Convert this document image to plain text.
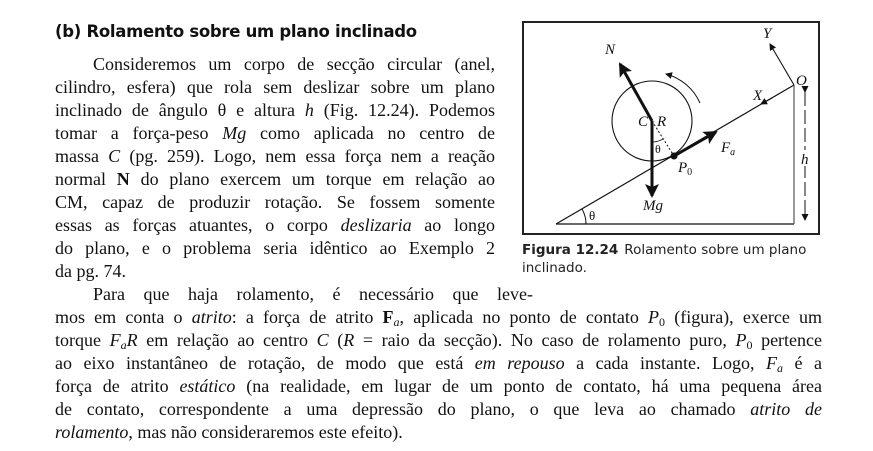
(b) Rolamento sobre um plano inclinado
Consideremos um corpo de secção circular (anel,
cilindro, esfera) que rola sem deslizar sobre um plano
inclinado de ângulo θ e altura h (Fig. 12.24). Podemos
tomar a força-peso Mg como aplicada no centro de
massa C (pg. 259). Logo, nem essa força nem a reação
normal N do plano exercem um torque em relação ao
CM, capaz de produzir rotação. Se fossem somente
essas as forças atuantes, o corpo deslizaria ao longo
do plano, e o problema seria idêntico ao Exemplo 2
da pg. 74.
Para que haja rolamento, é necessário que leve-
mos em conta o atrito: a força de atrito $F_a$, aplicada no ponto de contato $P_0$ (figura), exerce um
torque $F_aR$ em relação ao centro C (R = raio da secção). No caso de rolamento puro, $P_0$ pertence
ao eixo instantâneo de rotação, de modo que está em repouso a cada instante. Logo, $F_a$ é a
força de atrito estático (na realidade, em lugar de um ponto de contato, há uma pequena área
de contato, correspondente a uma depressão do plano, o que leva ao chamado atrito de
rolamento, mas não consideraremos este efeito).
N
Y
O
X
C R
$F_a$
$P_0$
Mg
h
θ
θ
Figura 12.24 Rolamento sobre um plano inclinado.
